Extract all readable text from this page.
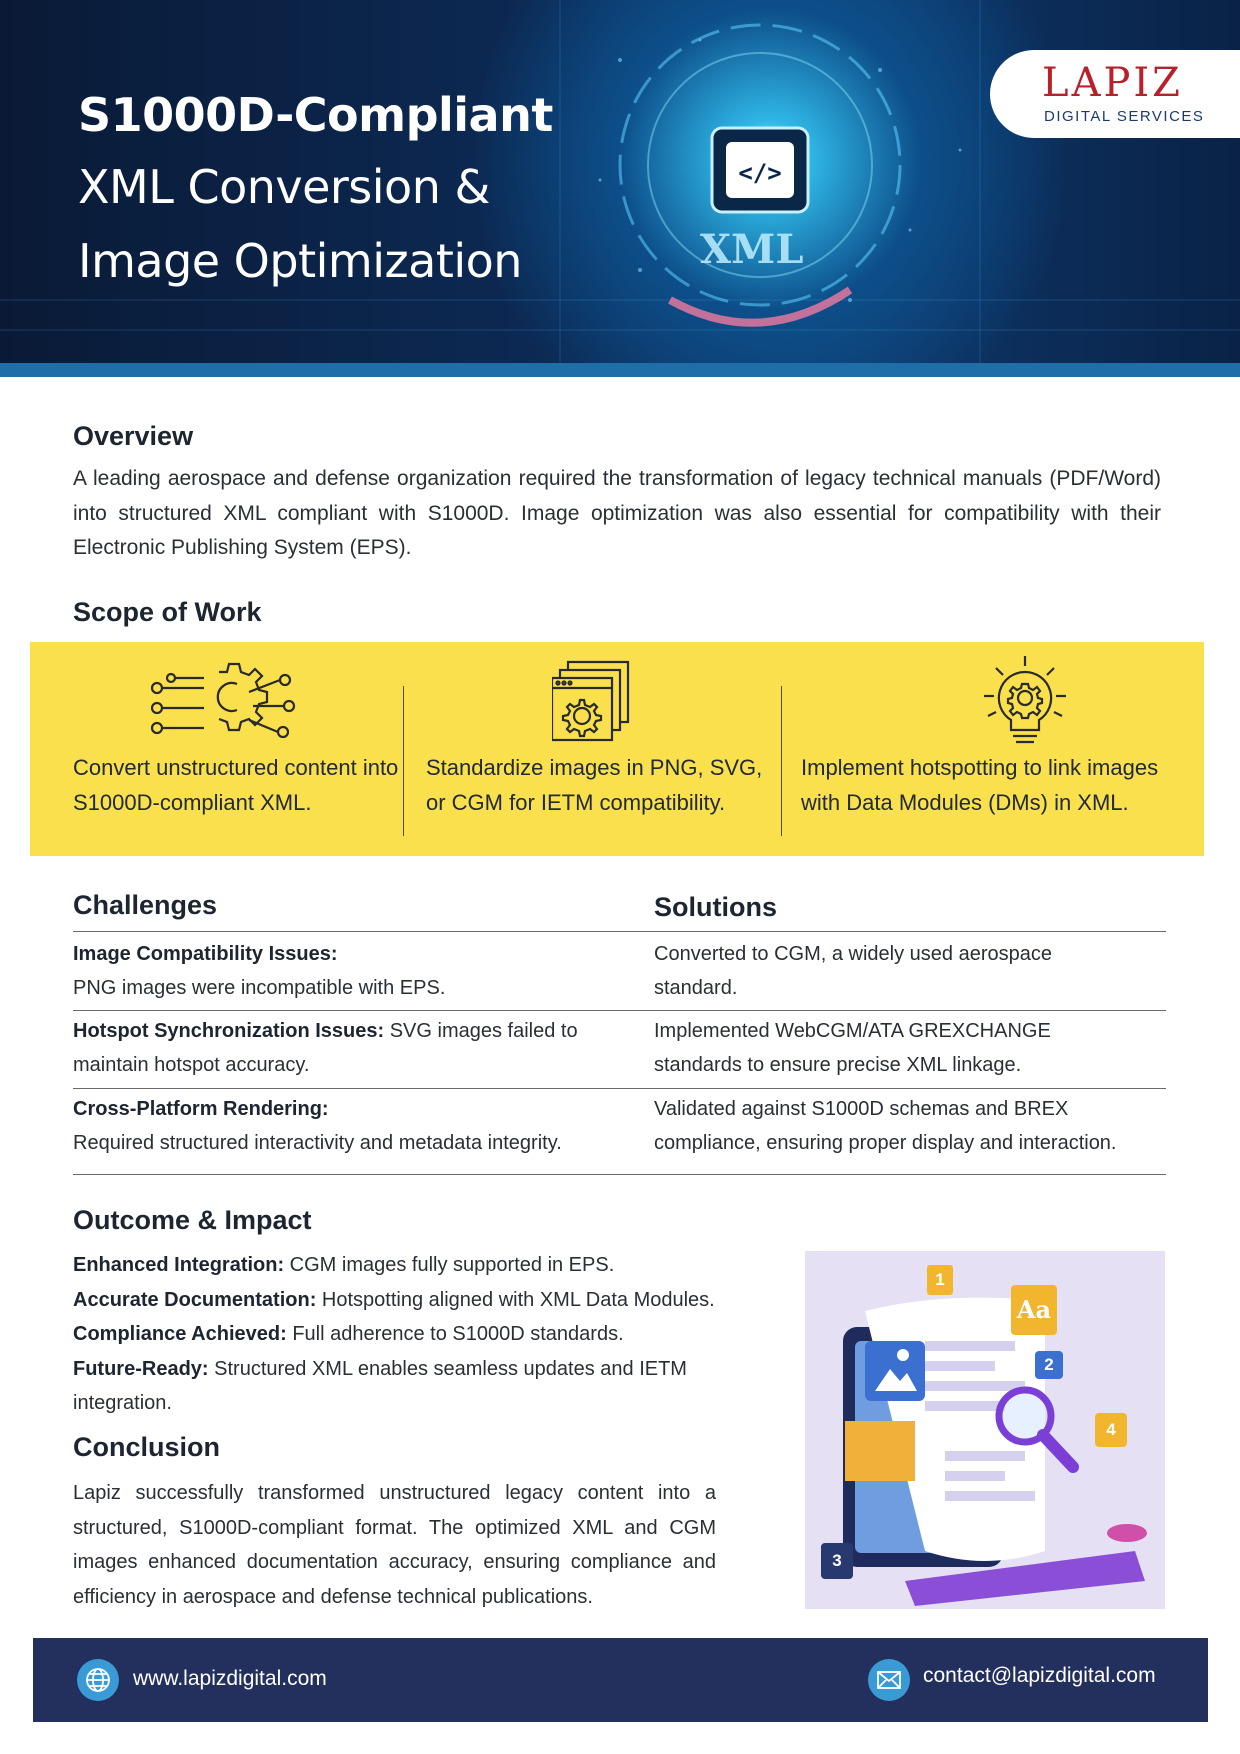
</>
XML
S1000D-Compliant
XML Conversion &
Image Optimization
LAPIZ
DIGITAL SERVICES
Overview

A leading aerospace and defense organization required the transformation of legacy technical manuals (PDF/Word) into structured XML compliant with S1000D. Image optimization was also essential for compatibility with their Electronic Publishing System (EPS).

Scope of Work
Convert unstructured content into S1000D-compliant XML.
Standardize images in PNG, SVG, or CGM for IETM compatibility.
Implement hotspotting to link images with Data Modules (DMs) in XML.
Challenges	Solutions
Image Compatibility Issues:
PNG images were incompatible with EPS.
Converted to CGM, a widely used aerospace
standard.
Hotspot Synchronization Issues: SVG images failed to
maintain hotspot accuracy.
Implemented WebCGM/ATA GREXCHANGE
standards to ensure precise XML linkage.
Cross-Platform Rendering:
Required structured interactivity and metadata integrity.
Validated against S1000D schemas and BREX
compliance, ensuring proper display and interaction.
Outcome & Impact
Enhanced Integration: CGM images fully supported in EPS.
Accurate Documentation: Hotspotting aligned with XML Data Modules.
Compliance Achieved: Full adherence to S1000D standards.
Future-Ready: Structured XML enables seamless updates and IETM
integration.
Conclusion

Lapiz successfully transformed unstructured legacy content into a structured, S1000D-compliant format. The optimized XML and CGM images enhanced documentation accuracy, ensuring compliance and efficiency in aerospace and defense technical publications.

1
2
3
4
Aa
www.lapizdigital.com	contact@lapizdigital.com
